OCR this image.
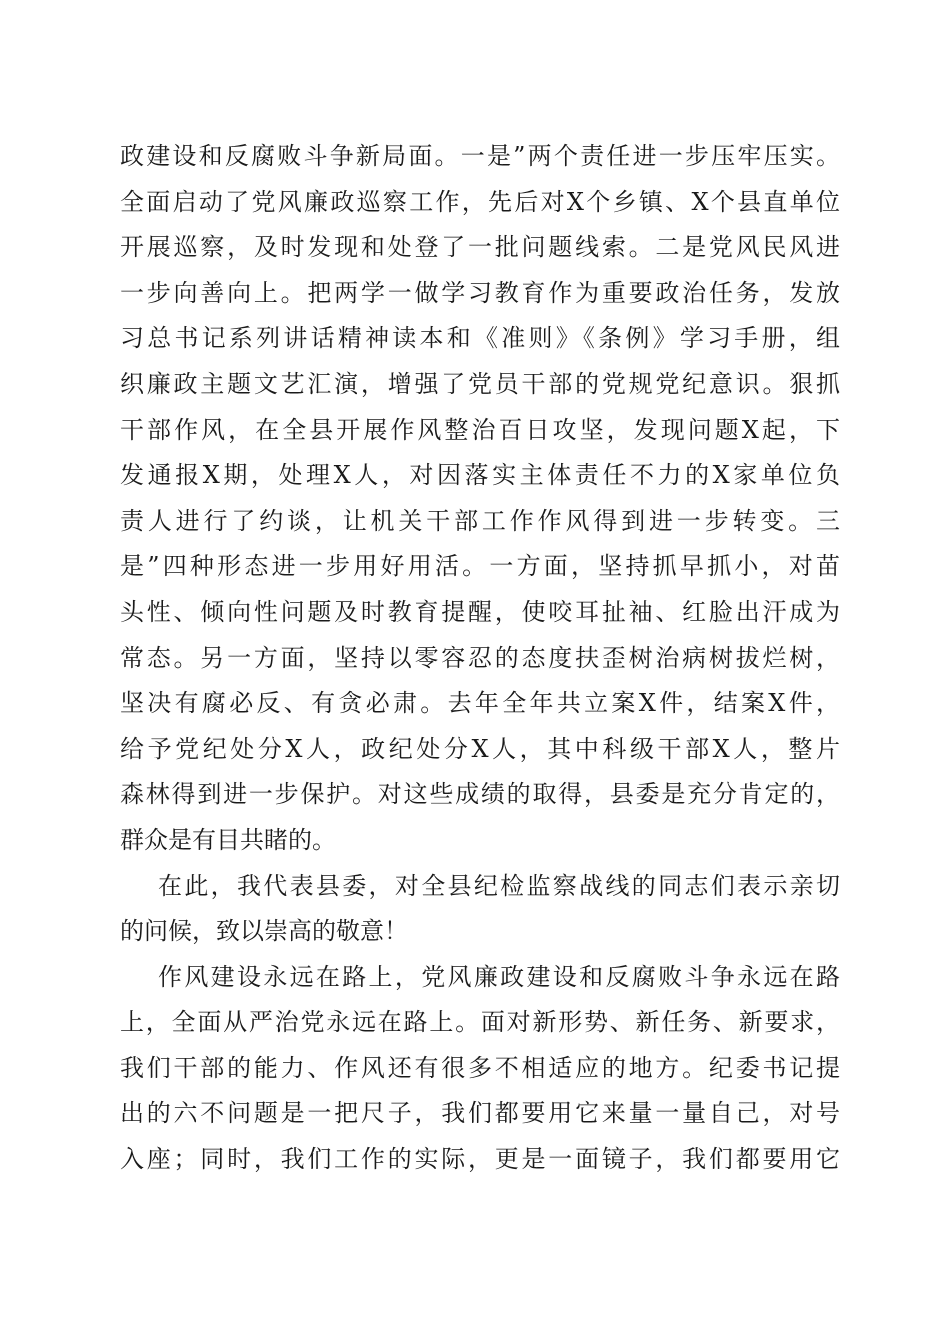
政建设和反腐败斗争新局面。一是”两个责任进一步压牢压实。
全面启动了党风廉政巡察工作，先后对X个乡镇、X个县直单位
开展巡察，及时发现和处登了一批问题线索。二是党风民风进
一步向善向上。把两学一做学习教育作为重要政治任务，发放
习总书记系列讲话精神读本和《准则》《条例》学习手册，组
织廉政主题文艺汇演，增强了党员干部的党规党纪意识。狠抓
干部作风，在全县开展作风整治百日攻坚，发现问题X起，下
发通报X期，处理X人，对因落实主体责任不力的X家单位负
责人进行了约谈，让机关干部工作作风得到进一步转变。三
是”四种形态进一步用好用活。一方面，坚持抓早抓小，对苗
头性、倾向性问题及时教育提醒，使咬耳扯袖、红脸出汗成为
常态。另一方面，坚持以零容忍的态度扶歪树治病树拔烂树，
坚决有腐必反、有贪必肃。去年全年共立案X件，结案X件，
给予党纪处分X人，政纪处分X人，其中科级干部X人，整片
森林得到进一步保护。对这些成绩的取得，县委是充分肯定的，
群众是有目共睹的。
在此，我代表县委，对全县纪检监察战线的同志们表示亲切
的问候，致以崇高的敬意！
作风建设永远在路上，党风廉政建设和反腐败斗争永远在路
上，全面从严治党永远在路上。面对新形势、新任务、新要求，
我们干部的能力、作风还有很多不相适应的地方。纪委书记提
出的六不问题是一把尺子，我们都要用它来量一量自己，对号
入座；同时，我们工作的实际，更是一面镜子，我们都要用它
